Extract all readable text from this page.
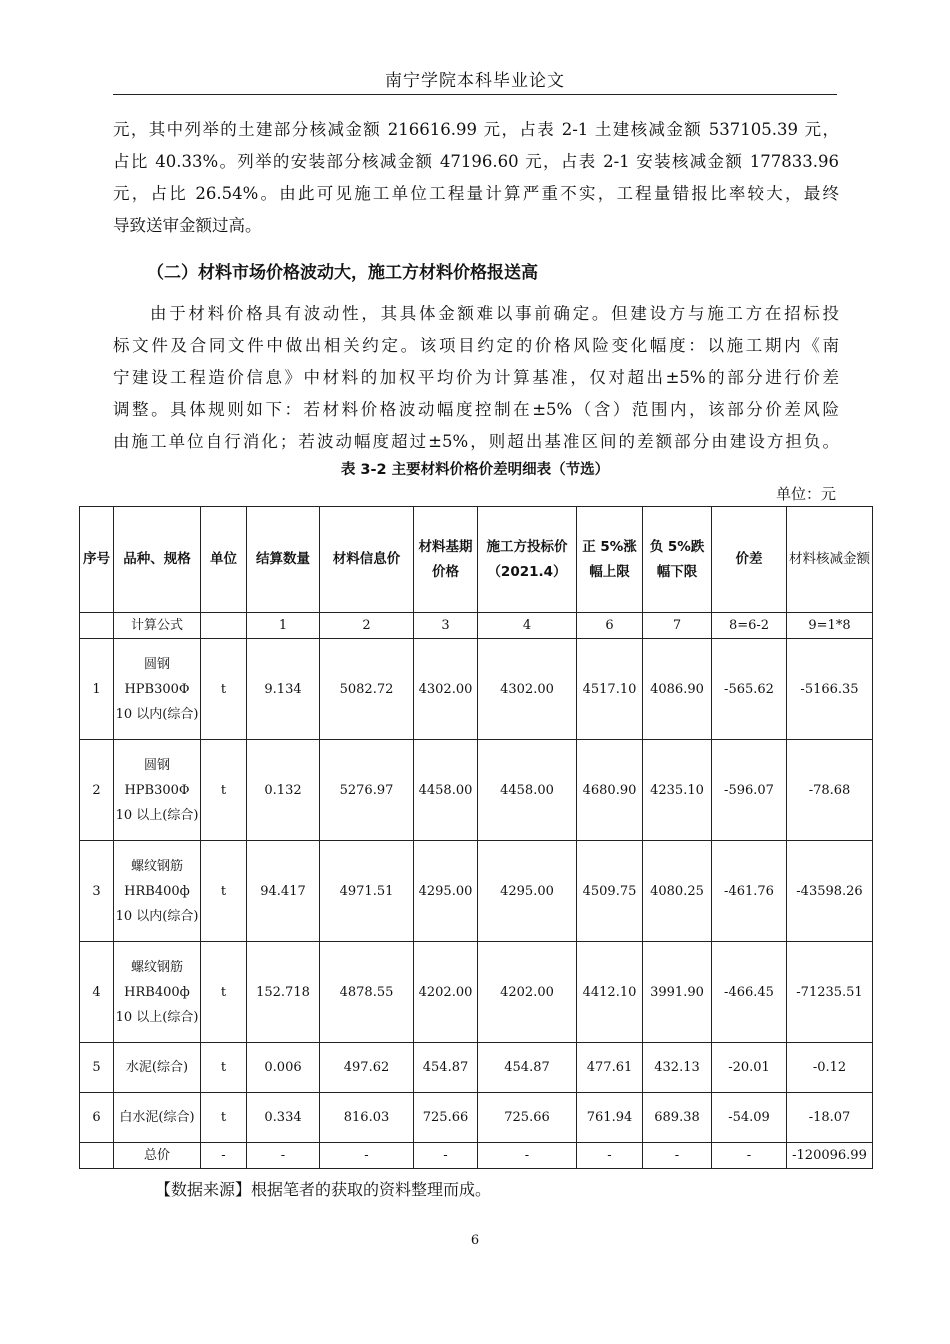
南宁学院本科毕业论文
元，其中列举的土建部分核减金额 216616.99 元，占表 2-1 土建核减金额 537105.39 元，
占比 40.33%。列举的安装部分核减金额 47196.60 元，占表 2-1 安装核减金额 177833.96
元，占比 26.54%。由此可见施工单位工程量计算严重不实，工程量错报比率较大，最终
导致送审金额过高。
（二）材料市场价格波动大，施工方材料价格报送高
由于材料价格具有波动性，其具体金额难以事前确定。但建设方与施工方在招标投
标文件及合同文件中做出相关约定。该项目约定的价格风险变化幅度：以施工期内《南
宁建设工程造价信息》中材料的加权平均价为计算基准，仅对超出±5%的部分进行价差
调整。具体规则如下：若材料价格波动幅度控制在±5%（含）范围内，该部分价差风险
由施工单位自行消化；若波动幅度超过±5%，则超出基准区间的差额部分由建设方担负。
表 3-2 主要材料价格价差明细表（节选）
单位：元
序号	品种、规格	单位	结算数量	材料信息价	材料基期价格	施工方投标价（2021.4）	正 5%涨幅上限	负 5%跌幅下限	价差	材料核减金额
	计算公式		1	2	3	4	6	7	8=6-2	9=1*8
1	圆钢 HPB300Φ 10 以内(综合)	t	9.134	5082.72	4302.00	4302.00	4517.10	4086.90	-565.62	-5166.35
2	圆钢 HPB300Φ 10 以上(综合)	t	0.132	5276.97	4458.00	4458.00	4680.90	4235.10	-596.07	-78.68
3	螺纹钢筋 HRB400ф 10 以内(综合)	t	94.417	4971.51	4295.00	4295.00	4509.75	4080.25	-461.76	-43598.26
4	螺纹钢筋 HRB400ф 10 以上(综合)	t	152.718	4878.55	4202.00	4202.00	4412.10	3991.90	-466.45	-71235.51
5	水泥(综合)	t	0.006	497.62	454.87	454.87	477.61	432.13	-20.01	-0.12
6	白水泥(综合)	t	0.334	816.03	725.66	725.66	761.94	689.38	-54.09	-18.07
	总价	-	-	-	-	-	-	-	-	-120096.99
【数据来源】根据笔者的获取的资料整理而成。
6
